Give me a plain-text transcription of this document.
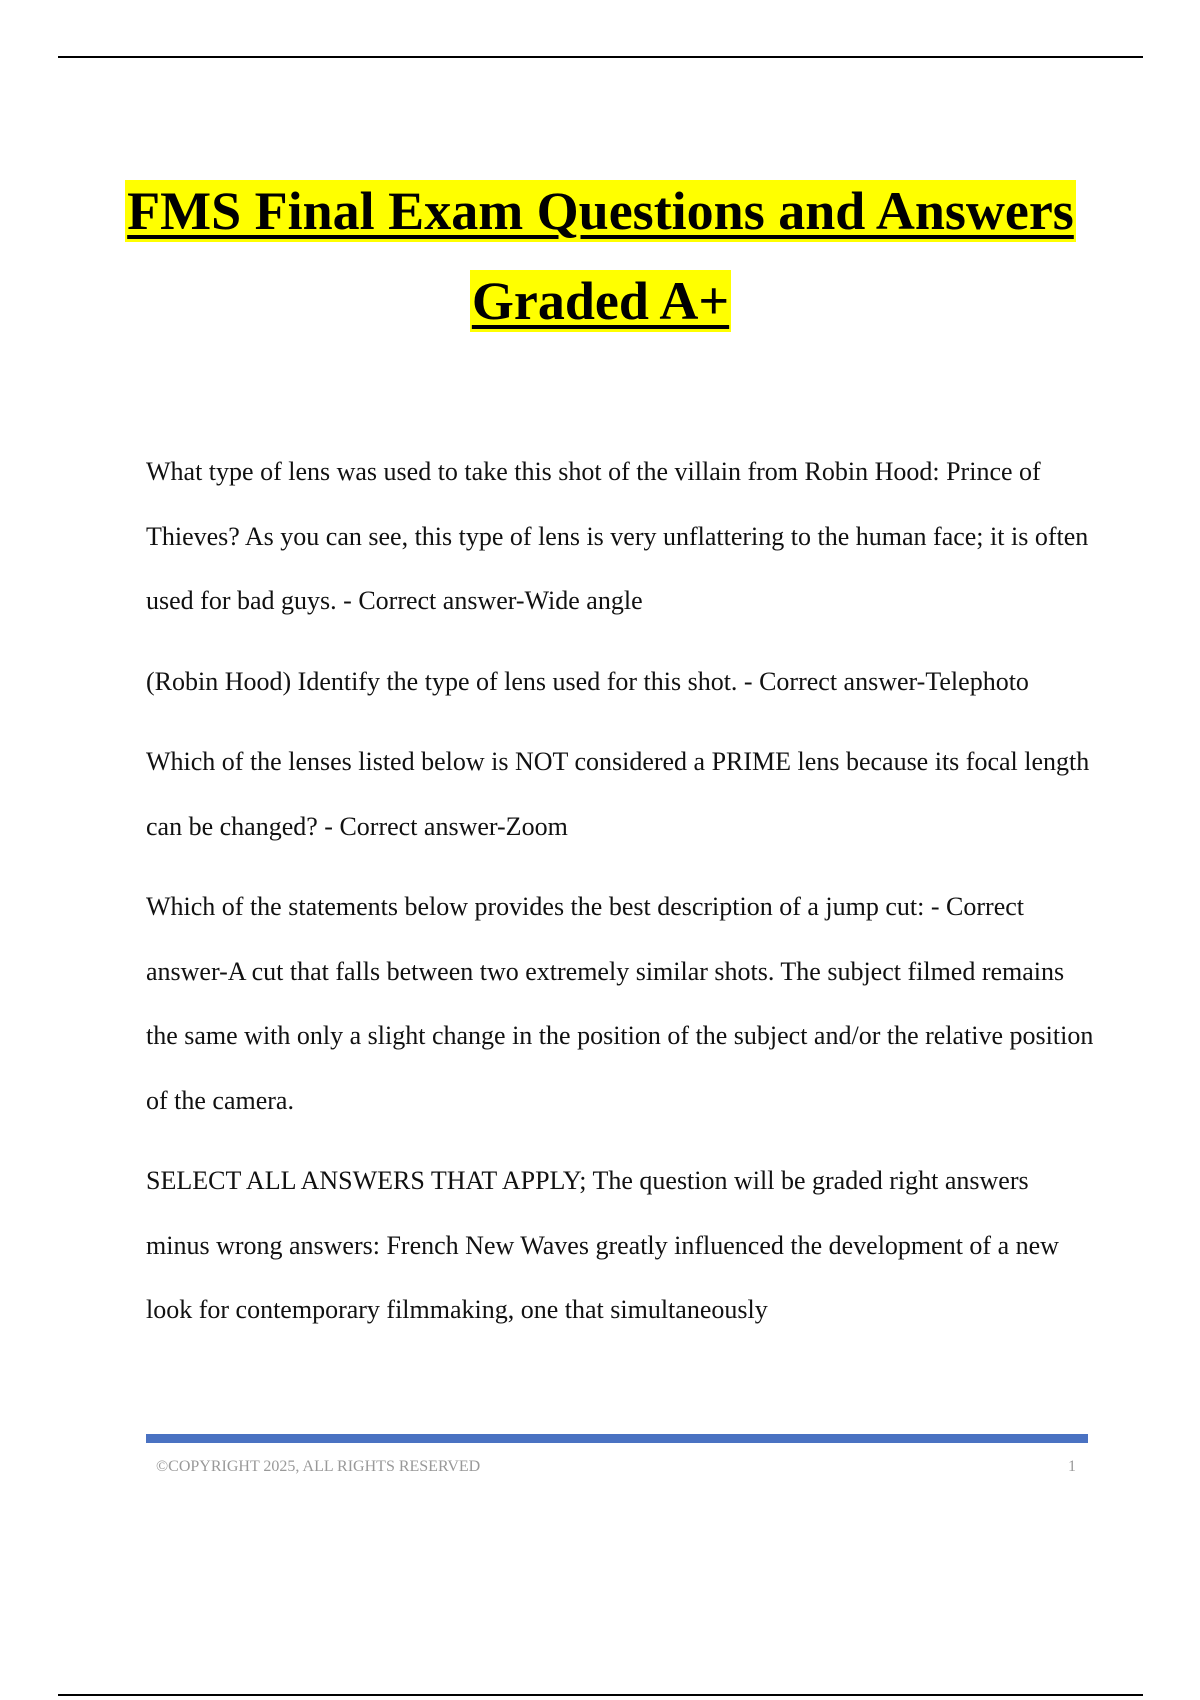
FMS Final Exam Questions and Answers
Graded A+

What type of lens was used to take this shot of the villain from Robin Hood: Prince of Thieves? As you can see, this type of lens is very unflattering to the human face; it is often used for bad guys. - Correct answer-Wide angle

(Robin Hood) Identify the type of lens used for this shot. - Correct answer-Telephoto

Which of the lenses listed below is NOT considered a PRIME lens because its focal length can be changed? - Correct answer-Zoom

Which of the statements below provides the best description of a jump cut: - Correct answer-A cut that falls between two extremely similar shots. The subject filmed remains the same with only a slight change in the position of the subject and/or the relative position of the camera.

SELECT ALL ANSWERS THAT APPLY; The question will be graded right answers minus wrong answers: French New Waves greatly influenced the development of a new look for contemporary filmmaking, one that simultaneously

©COPYRIGHT 2025, ALL RIGHTS RESERVED	1
